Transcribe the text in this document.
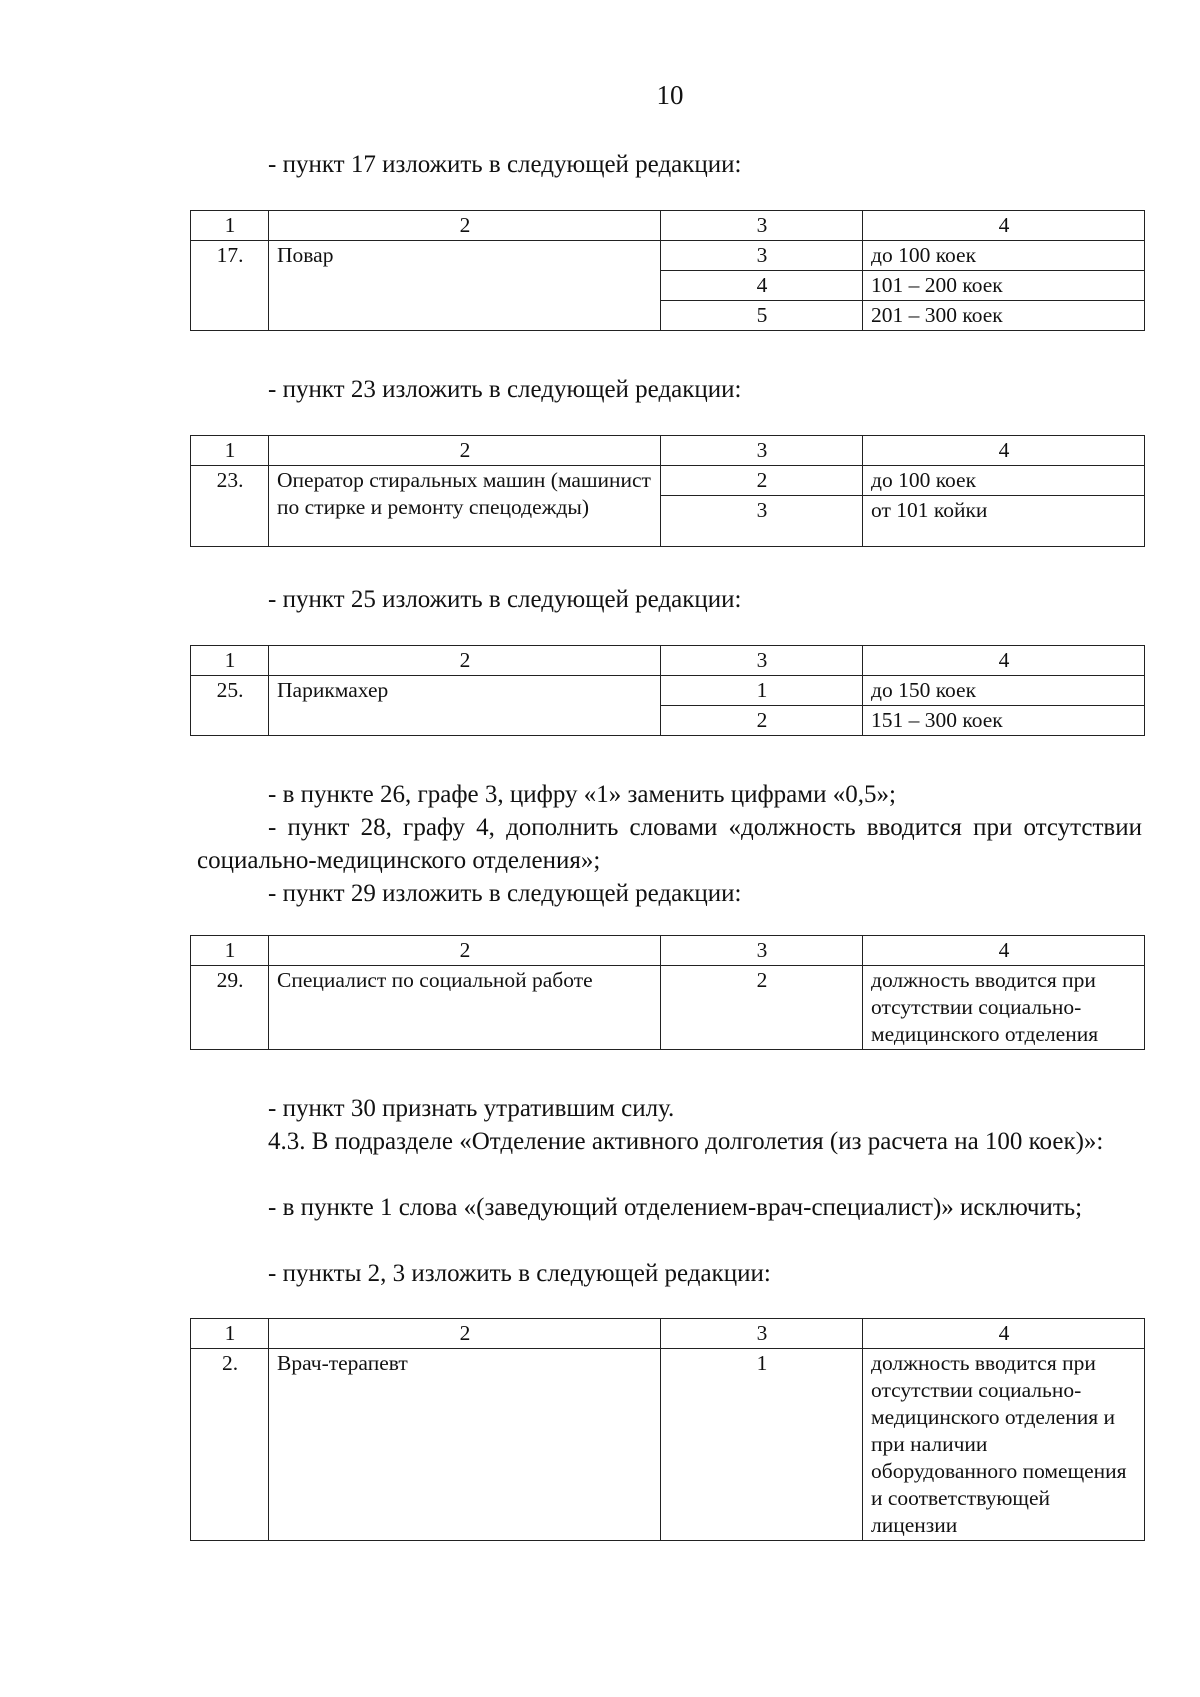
10

- пункт 17 изложить в следующей редакции:

1	2	3	4
17.	Повар	3	до 100 коек
		4	101 – 200 коек
		5	201 – 300 коек

- пункт 23 изложить в следующей редакции:

1	2	3	4
23.	Оператор стиральных машин (машинист по стирке и ремонту спецодежды)	2	до 100 коек
		3	от 101 койки

- пункт 25 изложить в следующей редакции:

1	2	3	4
25.	Парикмахер	1	до 150 коек
		2	151 – 300 коек

- в пункте 26, графе 3, цифру «1» заменить цифрами «0,5»;

- пункт 28, графу 4, дополнить словами «должность вводится при отсутствии социально-медицинского отделения»;

- пункт 29 изложить в следующей редакции:

1	2	3	4
29.	Специалист по социальной работе	2	должность вводится при отсутствии социально-медицинского отделения

- пункт 30 признать утратившим силу.

4.3. В подразделе «Отделение активного долголетия (из расчета на 100 коек)»:

- в пункте 1 слова «(заведующий отделением-врач-специалист)» исключить;

- пункты 2, 3 изложить в следующей редакции:

1	2	3	4
2.	Врач-терапевт	1	должность вводится при отсутствии социально-медицинского отделения и при наличии оборудованного помещения и соответствующей лицензии
